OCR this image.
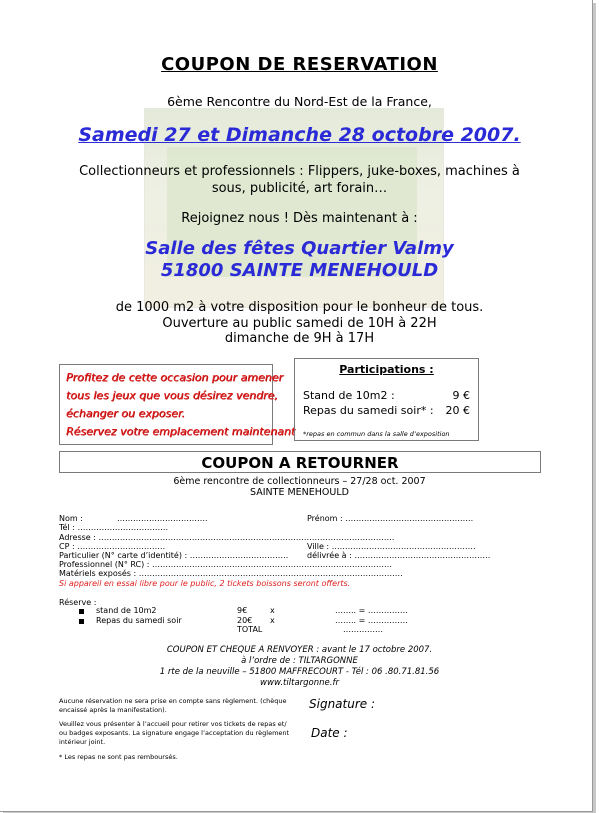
COUPON DE RESERVATION
6ème Rencontre du Nord-Est de la France,
Samedi 27 et Dimanche 28 octobre 2007.
Collectionneurs et professionnels : Flippers, juke-boxes, machines à
sous, publicité, art forain…
Rejoignez nous ! Dès maintenant à :
Salle des fêtes Quartier Valmy
51800 SAINTE MENEHOULD
de 1000 m2 à votre disposition pour le bonheur de tous.
Ouverture au public samedi de 10H à 22H
dimanche de 9H à 17H
Profitez de cette occasion pour amener
tous les jeux que vous désirez vendre,
échanger ou exposer.
Réservez votre emplacement maintenant
Participations :
Stand de 10m2 :	9 €
Repas du samedi soir* : 20 €
*repas en commun dans la salle d’exposition
COUPON A RETOURNER
6ème rencontre de collectionneurs – 27/28 oct. 2007
SAINTE MENEHOULD
Nom :	…………………………….	Prénom : …………………………………………
Tél : …………………………….
Adresse : …………………………………………………………………………………………………
CP : ……………………………	Ville : ………………………………………………
Particulier (N° carte d’identité) : ………………………………. délivrée à : ……………………………………………
Professionnel (N° RC) : ………………………………………………………………………………
Matériels exposés : ………………………………………………………………………………………
Si appareil en essai libre pour le public, 2 tickets boissons seront offerts.
Réserve :
stand de 10m2	9€	x	…….. = ……………
Repas du samedi soir	20€ x	…….. = ……………
TOTAL	……………
COUPON ET CHEQUE A RENVOYER : avant le 17 octobre 2007.
à l’ordre de : TILTARGONNE
1 rte de la neuville – 51800 MAFFRECOURT - Tél : 06 .80.71.81.56
www.tiltargonne.fr
Aucune réservation ne sera prise en compte sans règlement. (chèque
encaissé après la manifestation).
Veuillez vous présenter à l’accueil pour retirer vos tickets de repas et/
ou badges exposants. La signature engage l’acceptation du règlement
intérieur joint.
* Les repas ne sont pas remboursés.
Signature :
Date :
